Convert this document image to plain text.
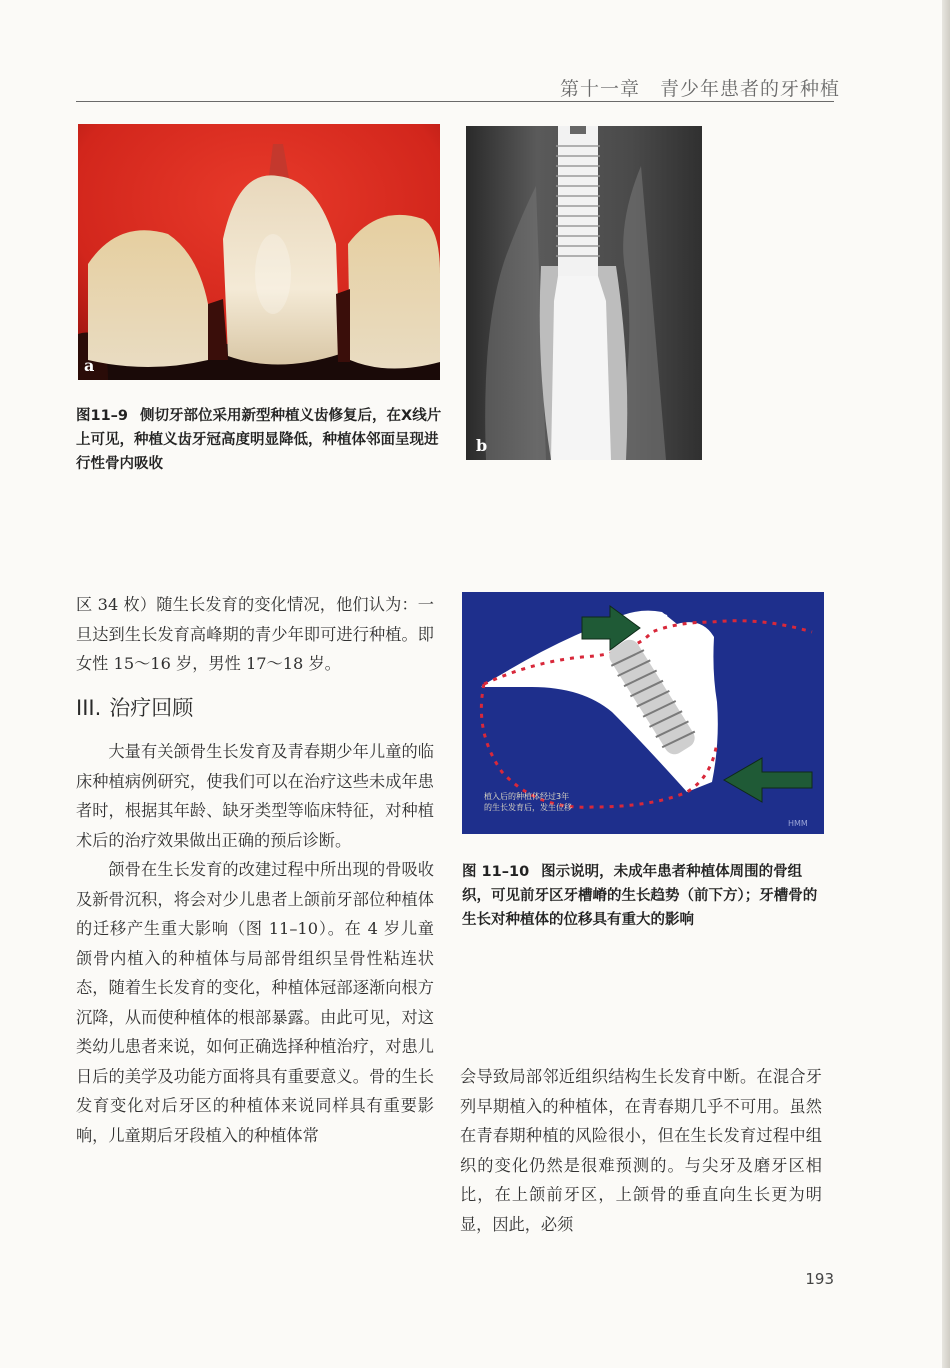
第十一章　青少年患者的牙种植
a
b
图11–9 侧切牙部位采用新型种植义齿修复后，在X线片上可见，种植义齿牙冠高度明显降低，种植体邻面呈现进行性骨内吸收
植入后的种植体经过3年
的生长发育后，发生位移
HMM
图 11–10 图示说明，未成年患者种植体周围的骨组织，可见前牙区牙槽嵴的生长趋势（前下方）；牙槽骨的生长对种植体的位移具有重大的影响
区 34 枚）随生长发育的变化情况，他们认为：一旦达到生长发育高峰期的青少年即可进行种植。即女性 15～16 岁，男性 17～18 岁。
III. 治疗回顾

大量有关颌骨生长发育及青春期少年儿童的临床种植病例研究，使我们可以在治疗这些未成年患者时，根据其年龄、缺牙类型等临床特征，对种植术后的治疗效果做出正确的预后诊断。

颌骨在生长发育的改建过程中所出现的骨吸收及新骨沉积，将会对少儿患者上颌前牙部位种植体的迁移产生重大影响（图 11–10）。在 4 岁儿童颌骨内植入的种植体与局部骨组织呈骨性粘连状态，随着生长发育的变化，种植体冠部逐渐向根方沉降，从而使种植体的根部暴露。由此可见，对这类幼儿患者来说，如何正确选择种植治疗，对患儿日后的美学及功能方面将具有重要意义。骨的生长发育变化对后牙区的种植体来说同样具有重要影响，儿童期后牙段植入的种植体常

会导致局部邻近组织结构生长发育中断。在混合牙列早期植入的种植体，在青春期几乎不可用。虽然在青春期种植的风险很小，但在生长发育过程中组织的变化仍然是很难预测的。与尖牙及磨牙区相比，在上颌前牙区，上颌骨的垂直向生长更为明显，因此，必须
193
